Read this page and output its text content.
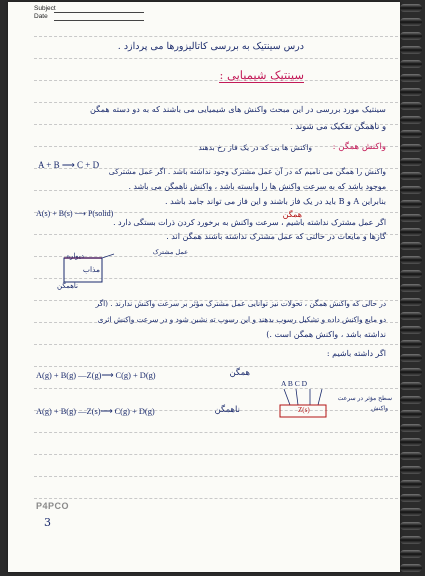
Subject
Date
درس سینتیک به بررسی کاتالیزورها می پردازد .
سینتیک شیمیایی :
سینتیک مورد بررسی در این مبحث واکنش های شیمیایی می باشند که به دو دسته همگن
و ناهمگن تفکیک می شوند .
واکنش همگن :
واکنش ها یی که در یک فاز رخ بدهند
A + B ⟶ C + D
واکنش را همگن می نامیم که در آن عمل مشترک وجود نداشته باشد . اگر عمل مشترکی
موجود باشد که به سرعت واکنش ها را وابسته باشد ، واکنش ناهمگن می باشد .
بنابراین A و B باید در یک فاز باشند و این فاز می تواند جامد باشد .
A(s) + B(s) ⟶ P(solid)	همگن
اگر عمل مشترک نداشته باشیم ، سرعت واکنش به برخورد کردن ذرات بستگی دارد .
گازها و مایعات در حالتی که عمل مشترک نداشته باشند همگن اند .
عمل مشترک
دیواره
مذاب
ناهمگن
در حالی که واکنش همگن ، تحولات نیز توانایی عمل مشترک مؤثر بر سرعت واکنش ندارند . (اگر
دو مایع واکنش داده و تشکیل رسوب بدهند و این رسوب ته نشین شود و در سرعت واکنش اثری
نداشته باشد ، واکنش همگن است .)
اگر داشته باشیم :
A(g) + B(g) —Z(g)⟶ C(g) + D(g)	همگن
A B C D
Z(s)
سطح مؤثر در سرعت
واکنش
A(g) + B(g) —Z(s)⟶ C(g) + D(g)	ناهمگن
P4PCO
3
